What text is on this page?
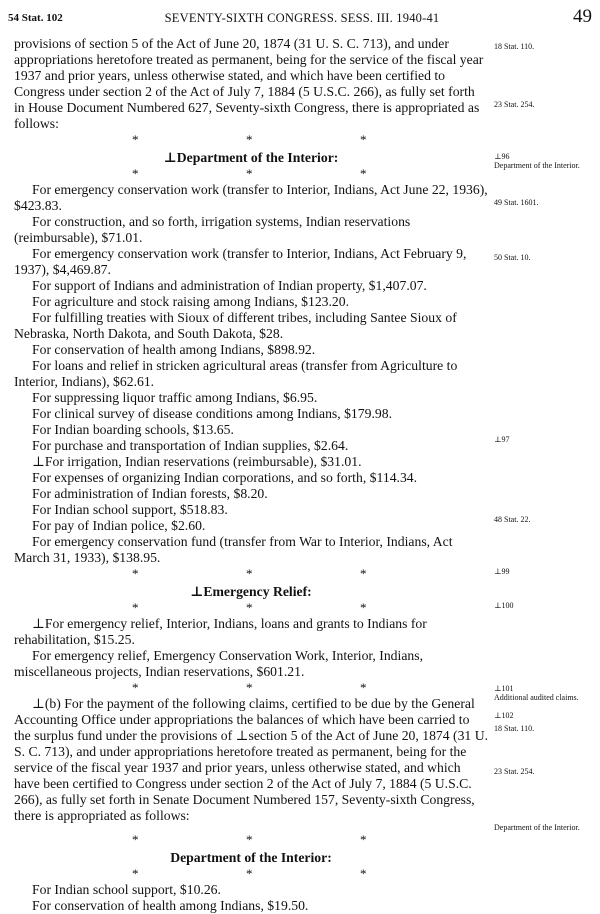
54 Stat. 102	SEVENTY-SIXTH CONGRESS. SESS. III. 1940-41	49

provisions of section 5 of the Act of June 20, 1874 (31 U. S. C. 713), and under appropriations heretofore treated as permanent, being for the service of the fiscal year 1937 and prior years, unless otherwise stated, and which have been certified to Congress under section 2 of the Act of July 7, 1884 (5 U.S.C. 266), as fully set forth in House Document Numbered 627, Seventy-sixth Congress, there is appropriated as follows:

*	*	*

⊥Department of the Interior:

*	*	*

For emergency conservation work (transfer to Interior, Indians, Act June 22, 1936), $423.83.

For construction, and so forth, irrigation systems, Indian reservations (reimbursable), $71.01.

For emergency conservation work (transfer to Interior, Indians, Act February 9, 1937), $4,469.87.

For support of Indians and administration of Indian property, $1,407.07.

For agriculture and stock raising among Indians, $123.20.

For fulfilling treaties with Sioux of different tribes, including Santee Sioux of Nebraska, North Dakota, and South Dakota, $28.

For conservation of health among Indians, $898.92.

For loans and relief in stricken agricultural areas (transfer from Agriculture to Interior, Indians), $62.61.

For suppressing liquor traffic among Indians, $6.95.

For clinical survey of disease conditions among Indians, $179.98.

For Indian boarding schools, $13.65.

For purchase and transportation of Indian supplies, $2.64.

⊥For irrigation, Indian reservations (reimbursable), $31.01.

For expenses of organizing Indian corporations, and so forth, $114.34.

For administration of Indian forests, $8.20.

For Indian school support, $518.83.

For pay of Indian police, $2.60.

For emergency conservation fund (transfer from War to Interior, Indians, Act March 31, 1933), $138.95.

*	*	*

⊥Emergency Relief:

*	*	*

⊥For emergency relief, Interior, Indians, loans and grants to Indians for rehabilitation, $15.25.

For emergency relief, Emergency Conservation Work, Interior, Indians, miscellaneous projects, Indian reservations, $601.21.

*	*	*

⊥(b) For the payment of the following claims, certified to be due by the General Accounting Office under appropriations the balances of which have been carried to the surplus fund under the provisions of ⊥section 5 of the Act of June 20, 1874 (31 U. S. C. 713), and under appropriations heretofore treated as permanent, being for the service of the fiscal year 1937 and prior years, unless otherwise stated, and which have been certified to Congress under section 2 of the Act of July 7, 1884 (5 U.S.C. 266), as fully set forth in Senate Document Numbered 157, Seventy-sixth Congress, there is appropriated as follows:

*	*	*

Department of the Interior:

*	*	*

For Indian school support, $10.26.

For conservation of health among Indians, $19.50.

18 Stat. 110.
23 Stat. 254.
⊥96
Department of the Interior.
49 Stat. 1601.
50 Stat. 10.
⊥97
48 Stat. 22.
⊥99
⊥100
⊥101
Additional audited claims.
⊥102
18 Stat. 110.
23 Stat. 254.
Department of the Interior.
